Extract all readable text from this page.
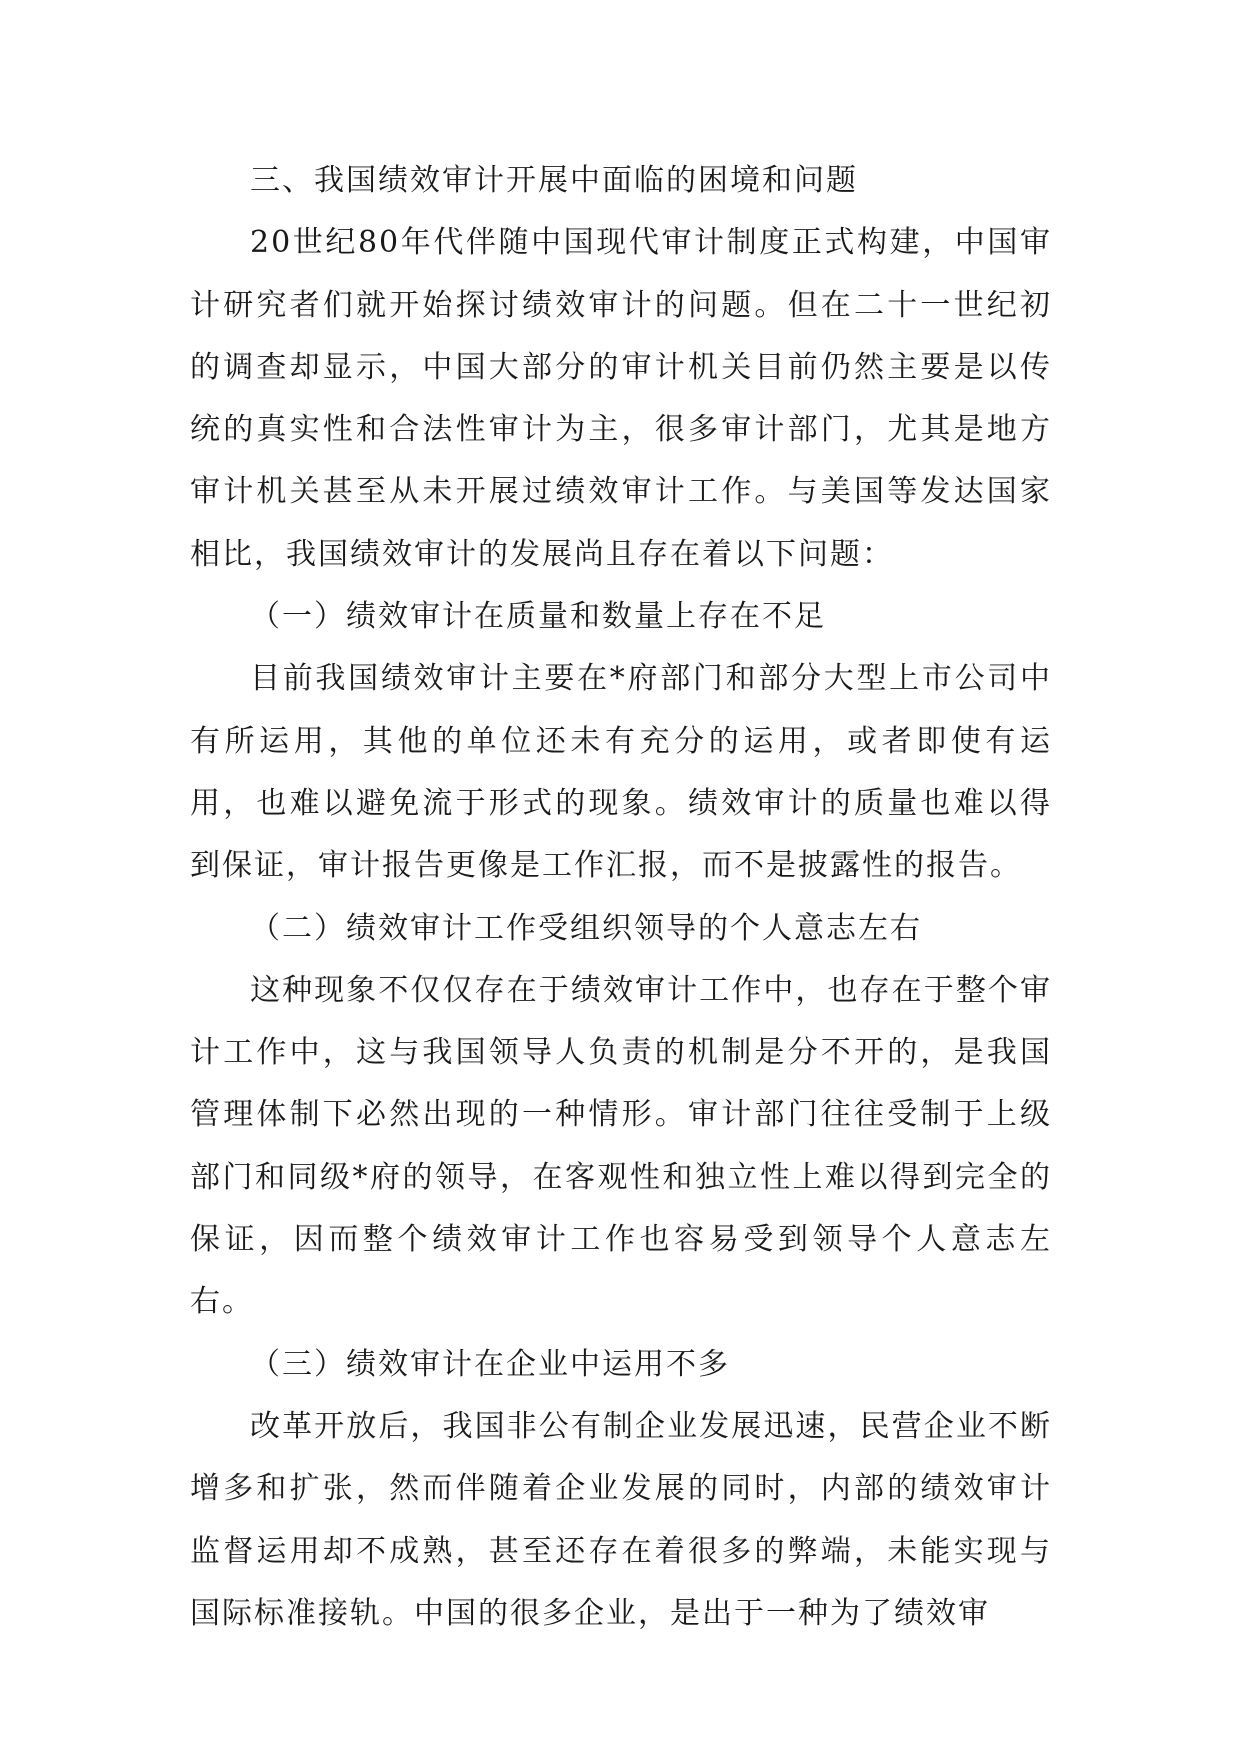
三、我国绩效审计开展中面临的困境和问题

20世纪80年代伴随中国现代审计制度正式构建，中国审计研究者们就开始探讨绩效审计的问题。但在二十一世纪初的调查却显示，中国大部分的审计机关目前仍然主要是以传统的真实性和合法性审计为主，很多审计部门，尤其是地方审计机关甚至从未开展过绩效审计工作。与美国等发达国家相比，我国绩效审计的发展尚且存在着以下问题：

（一）绩效审计在质量和数量上存在不足

目前我国绩效审计主要在*府部门和部分大型上市公司中有所运用，其他的单位还未有充分的运用，或者即使有运用，也难以避免流于形式的现象。绩效审计的质量也难以得到保证，审计报告更像是工作汇报，而不是披露性的报告。

（二）绩效审计工作受组织领导的个人意志左右

这种现象不仅仅存在于绩效审计工作中，也存在于整个审计工作中，这与我国领导人负责的机制是分不开的，是我国管理体制下必然出现的一种情形。审计部门往往受制于上级部门和同级*府的领导，在客观性和独立性上难以得到完全的保证，因而整个绩效审计工作也容易受到领导个人意志左右。

（三）绩效审计在企业中运用不多

改革开放后，我国非公有制企业发展迅速，民营企业不断增多和扩张，然而伴随着企业发展的同时，内部的绩效审计监督运用却不成熟，甚至还存在着很多的弊端，未能实现与国际标准接轨。中国的很多企业，是出于一种为了绩效审
